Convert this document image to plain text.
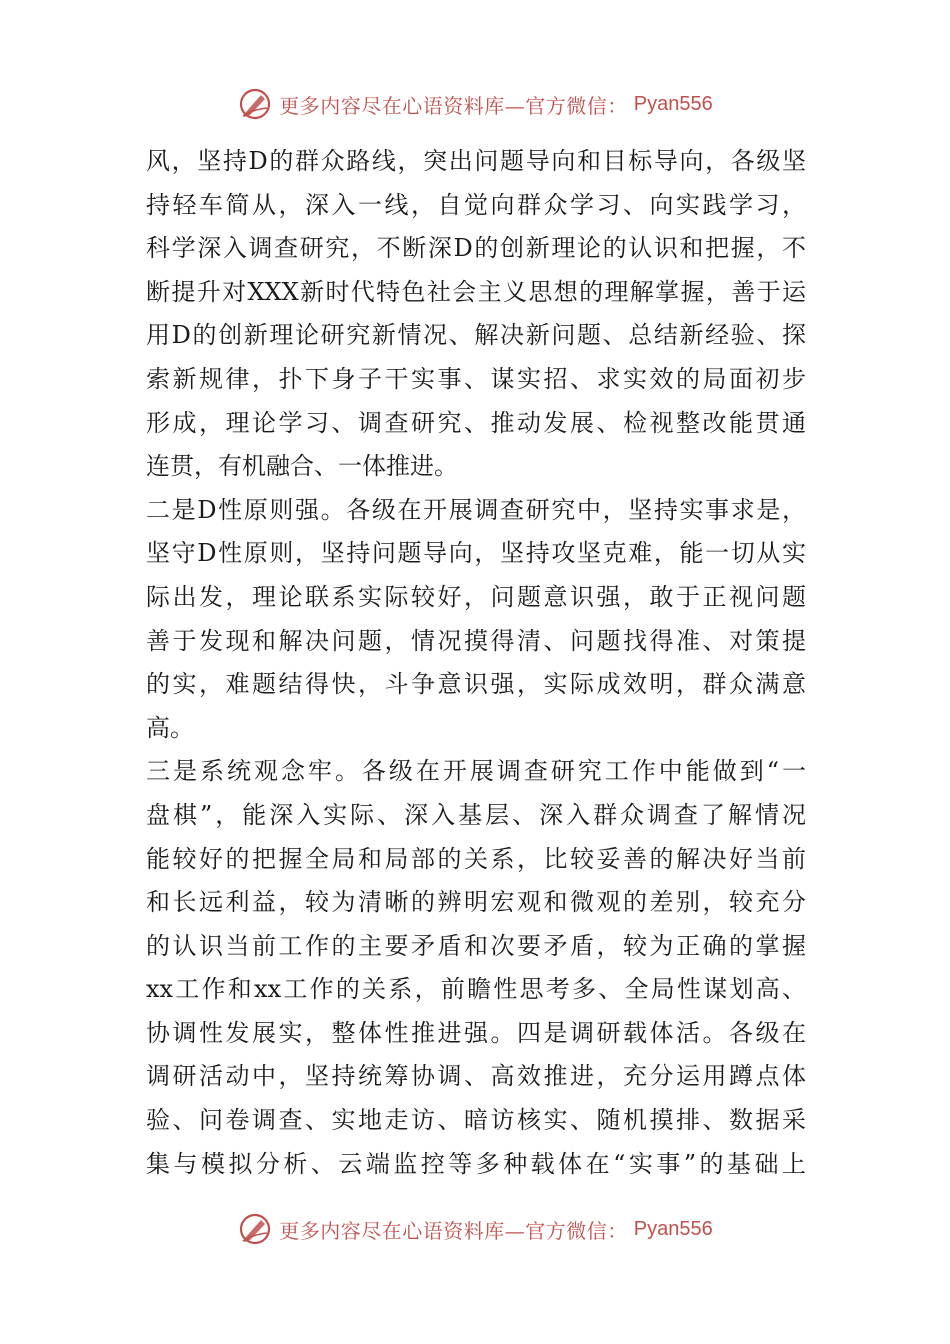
更多内容尽在心语资料库—官方微信： Pyan556
风，坚持D的群众路线，突出问题导向和目标导向，各级坚
持轻车简从，深入一线，自觉向群众学习、向实践学习，
科学深入调查研究，不断深D的创新理论的认识和把握，不
断提升对XXX新时代特色社会主义思想的理解掌握，善于运
用D的创新理论研究新情况、解决新问题、总结新经验、探
索新规律，扑下身子干实事、谋实招、求实效的局面初步
形成，理论学习、调查研究、推动发展、检视整改能贯通
连贯，有机融合、一体推进。
二是D性原则强。各级在开展调查研究中，坚持实事求是，
坚守D性原则，坚持问题导向，坚持攻坚克难，能一切从实
际出发，理论联系实际较好，问题意识强，敢于正视问题
善于发现和解决问题，情况摸得清、问题找得准、对策提
的实，难题结得快，斗争意识强，实际成效明，群众满意
高。
三是系统观念牢。各级在开展调查研究工作中能做到“一
盘棋”，能深入实际、深入基层、深入群众调查了解情况
能较好的把握全局和局部的关系，比较妥善的解决好当前
和长远利益，较为清晰的辨明宏观和微观的差别，较充分
的认识当前工作的主要矛盾和次要矛盾，较为正确的掌握
xx工作和xx工作的关系，前瞻性思考多、全局性谋划高、
协调性发展实，整体性推进强。四是调研载体活。各级在
调研活动中，坚持统筹协调、高效推进，充分运用蹲点体
验、问卷调查、实地走访、暗访核实、随机摸排、数据采
集与模拟分析、云端监控等多种载体在“实事”的基础上
更多内容尽在心语资料库—官方微信： Pyan556
